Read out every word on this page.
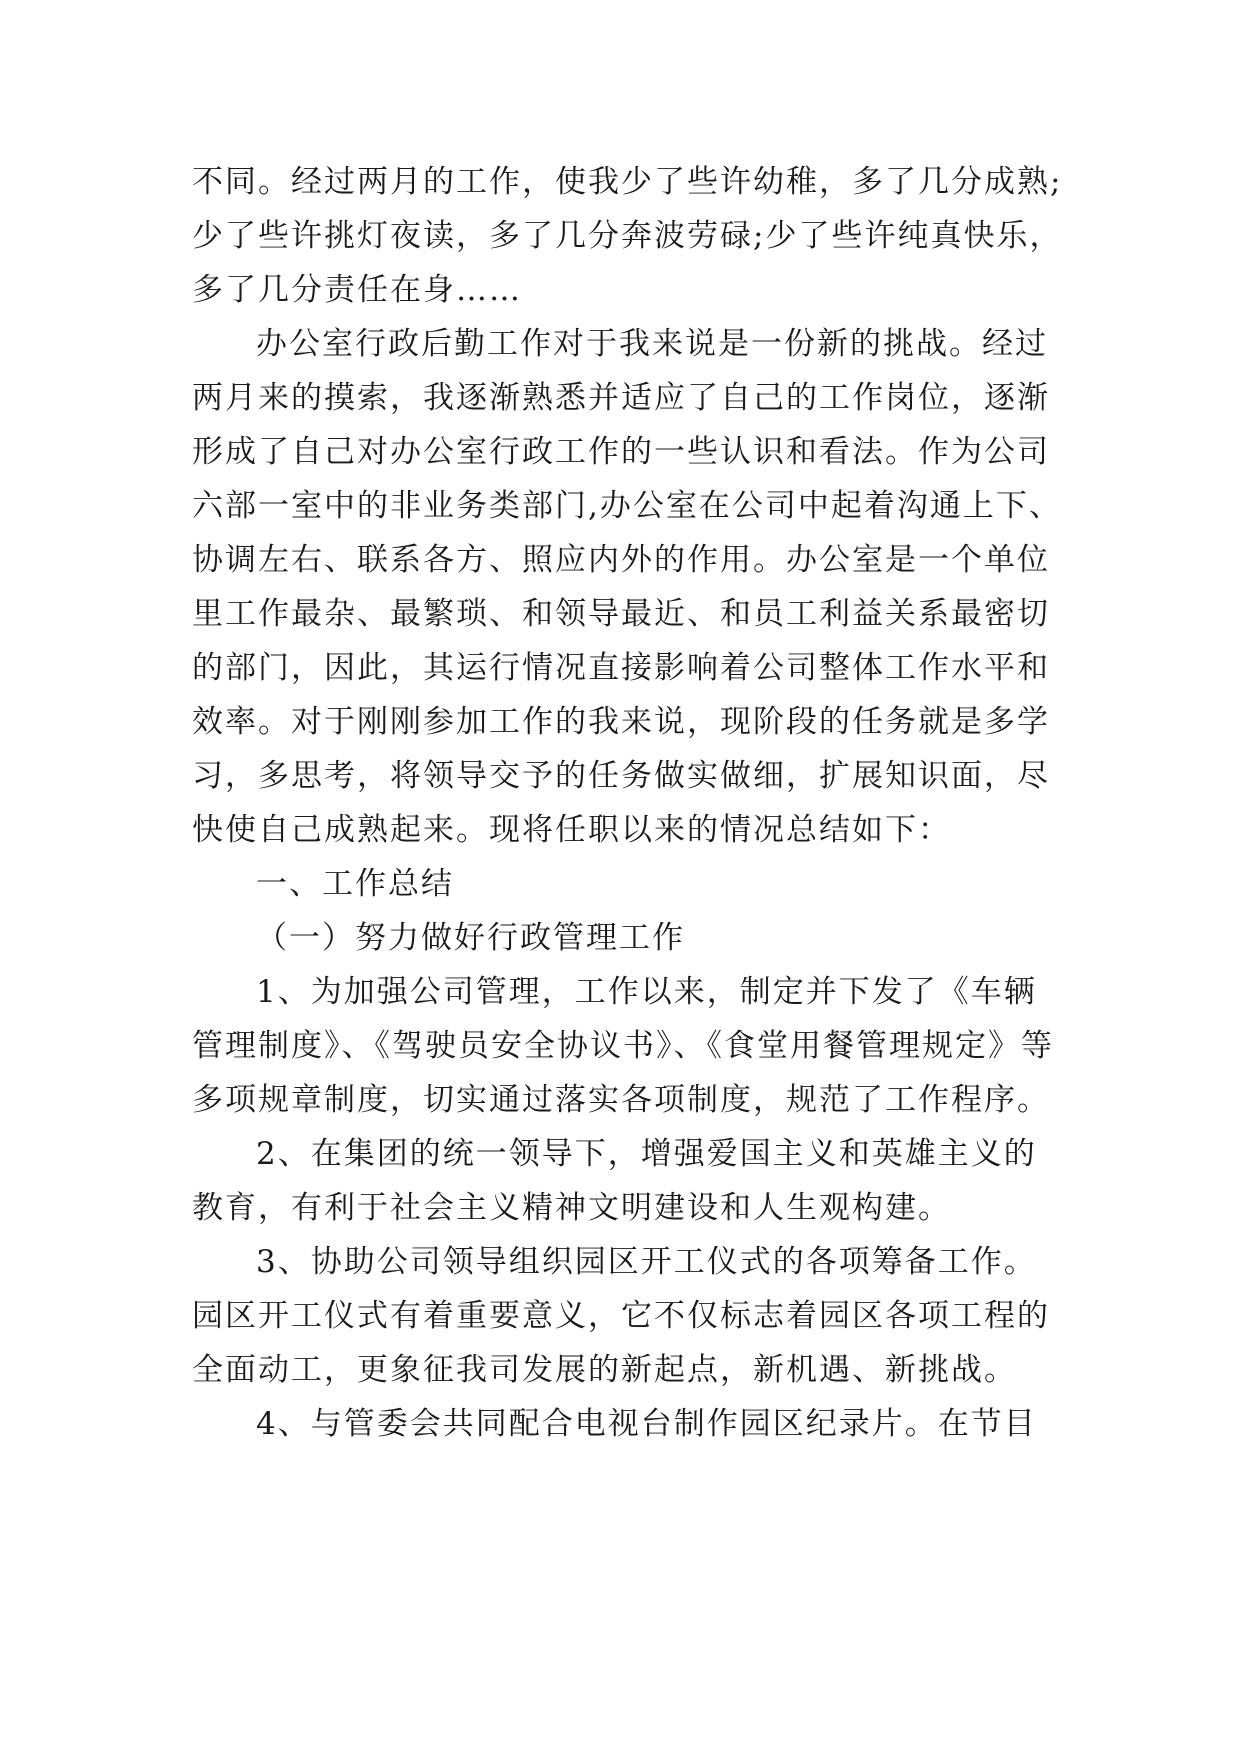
不同。经过两月的工作，使我少了些许幼稚，多了几分成熟;
少了些许挑灯夜读，多了几分奔波劳碌;少了些许纯真快乐，
多了几分责任在身……
办公室行政后勤工作对于我来说是一份新的挑战。经过
两月来的摸索，我逐渐熟悉并适应了自己的工作岗位，逐渐
形成了自己对办公室行政工作的一些认识和看法。作为公司
六部一室中的非业务类部门,办公室在公司中起着沟通上下、
协调左右、联系各方、照应内外的作用。办公室是一个单位
里工作最杂、最繁琐、和领导最近、和员工利益关系最密切
的部门，因此，其运行情况直接影响着公司整体工作水平和
效率。对于刚刚参加工作的我来说，现阶段的任务就是多学
习，多思考，将领导交予的任务做实做细，扩展知识面，尽
快使自己成熟起来。现将任职以来的情况总结如下：
一、工作总结
（一）努力做好行政管理工作
1、为加强公司管理，工作以来，制定并下发了《车辆
管理制度》、《驾驶员安全协议书》、《食堂用餐管理规定》等
多项规章制度，切实通过落实各项制度，规范了工作程序。
2、在集团的统一领导下，增强爱国主义和英雄主义的
教育，有利于社会主义精神文明建设和人生观构建。
3、协助公司领导组织园区开工仪式的各项筹备工作。
园区开工仪式有着重要意义，它不仅标志着园区各项工程的
全面动工，更象征我司发展的新起点，新机遇、新挑战。
4、与管委会共同配合电视台制作园区纪录片。在节目
